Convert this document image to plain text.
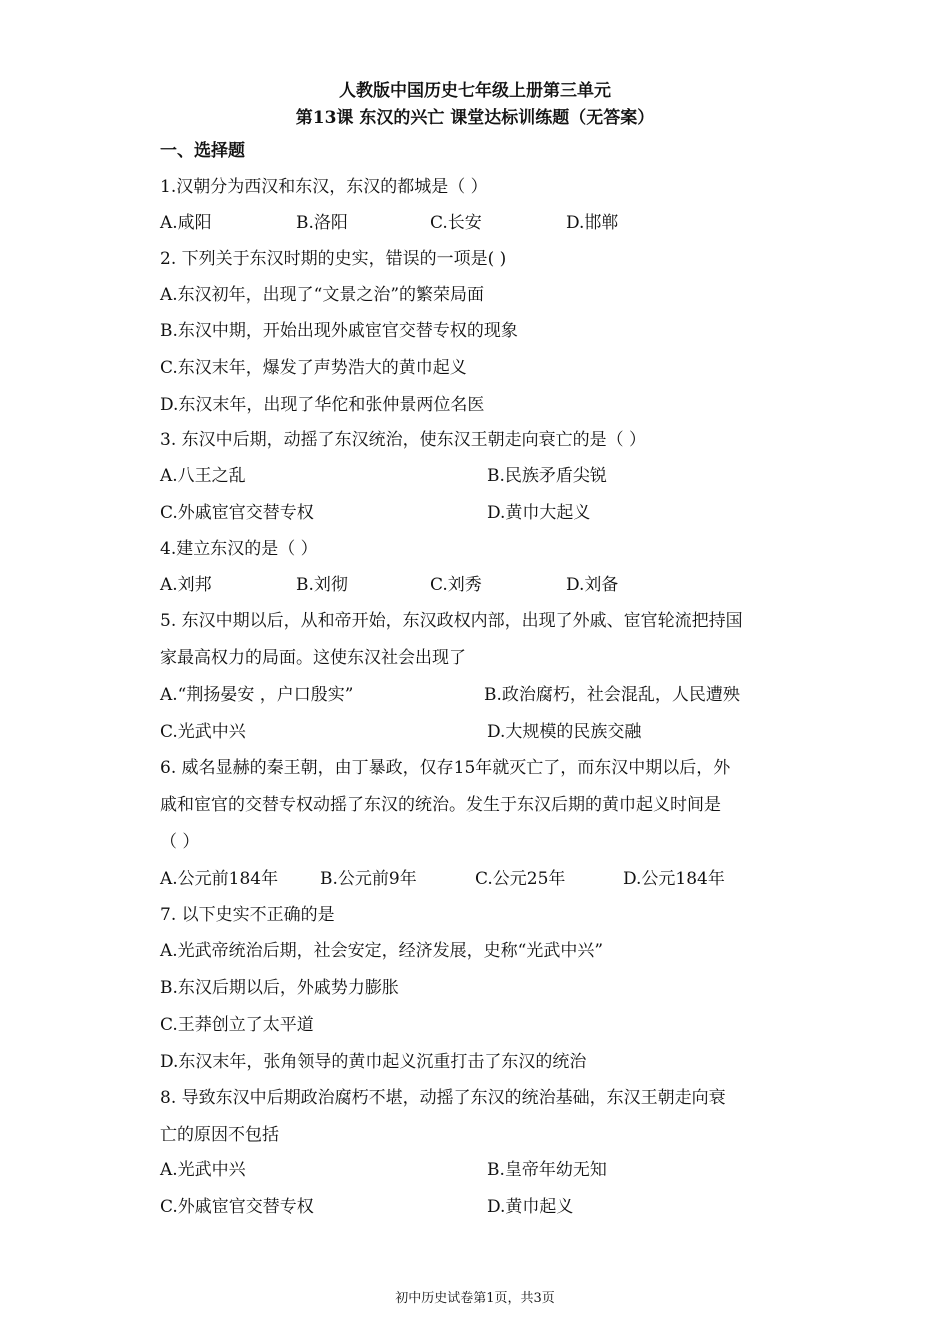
人教版中国历史七年级上册第三单元
第13课 东汉的兴亡 课堂达标训练题（无答案）
一、选择题
1.汉朝分为西汉和东汉，东汉的都城是（ ）
A.咸阳	B.洛阳	C.长安	D.邯郸
2. 下列关于东汉时期的史实，错误的一项是( )
A.东汉初年，出现了“文景之治”的繁荣局面
B.东汉中期，开始出现外戚宦官交替专权的现象
C.东汉末年，爆发了声势浩大的黄巾起义
D.东汉末年，出现了华佗和张仲景两位名医
3. 东汉中后期，动摇了东汉统治，使东汉王朝走向衰亡的是（ ）
A.八王之乱	B.民族矛盾尖锐
C.外戚宦官交替专权	D.黄巾大起义
4.建立东汉的是（ ）
A.刘邦	B.刘彻	C.刘秀	D.刘备
5. 东汉中期以后，从和帝开始，东汉政权内部，出现了外戚、宦官轮流把持国
家最高权力的局面。这使东汉社会出现了
A.“荆扬晏安 ，户口殷实”	B.政治腐朽，社会混乱，人民遭殃
C.光武中兴	D.大规模的民族交融
6. 威名显赫的秦王朝，由丁暴政，仅存15年就灭亡了，而东汉中期以后，外
戚和宦官的交替专权动摇了东汉的统治。发生于东汉后期的黄巾起义时间是
（ ）
A.公元前184年 B.公元前9年	C.公元25年	D.公元184年
7. 以下史实不正确的是
A.光武帝统治后期，社会安定，经济发展，史称“光武中兴”
B.东汉后期以后，外戚势力膨胀
C.王莽创立了太平道
D.东汉末年，张角领导的黄巾起义沉重打击了东汉的统治
8. 导致东汉中后期政治腐朽不堪，动摇了东汉的统治基础，东汉王朝走向衰
亡的原因不包括
A.光武中兴	B.皇帝年幼无知
C.外戚宦官交替专权	D.黄巾起义
初中历史试卷第1页，共3页
